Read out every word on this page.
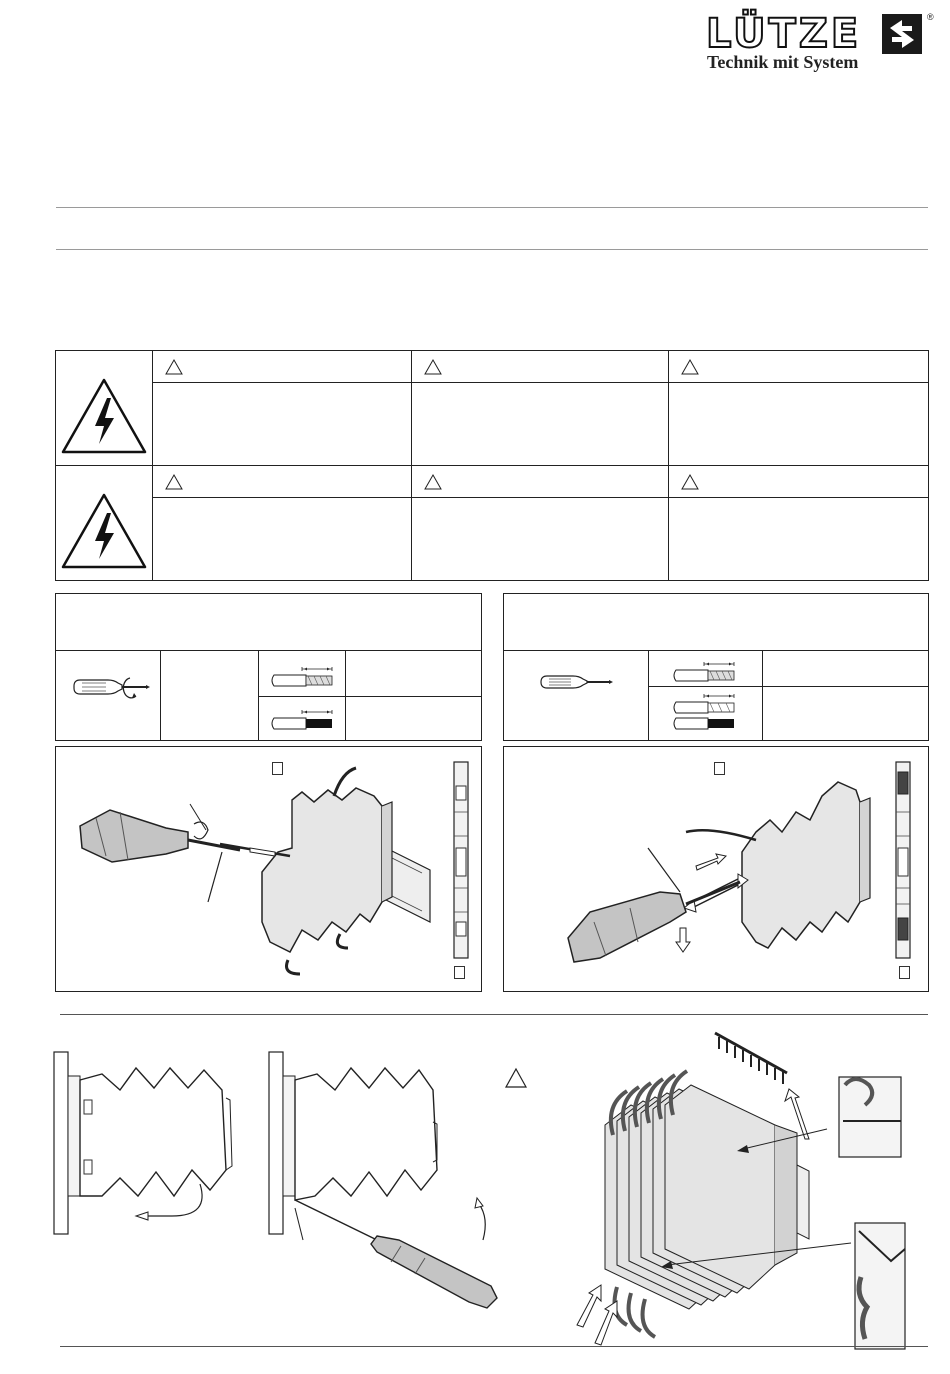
LÜTZE	®
Technik mit System
